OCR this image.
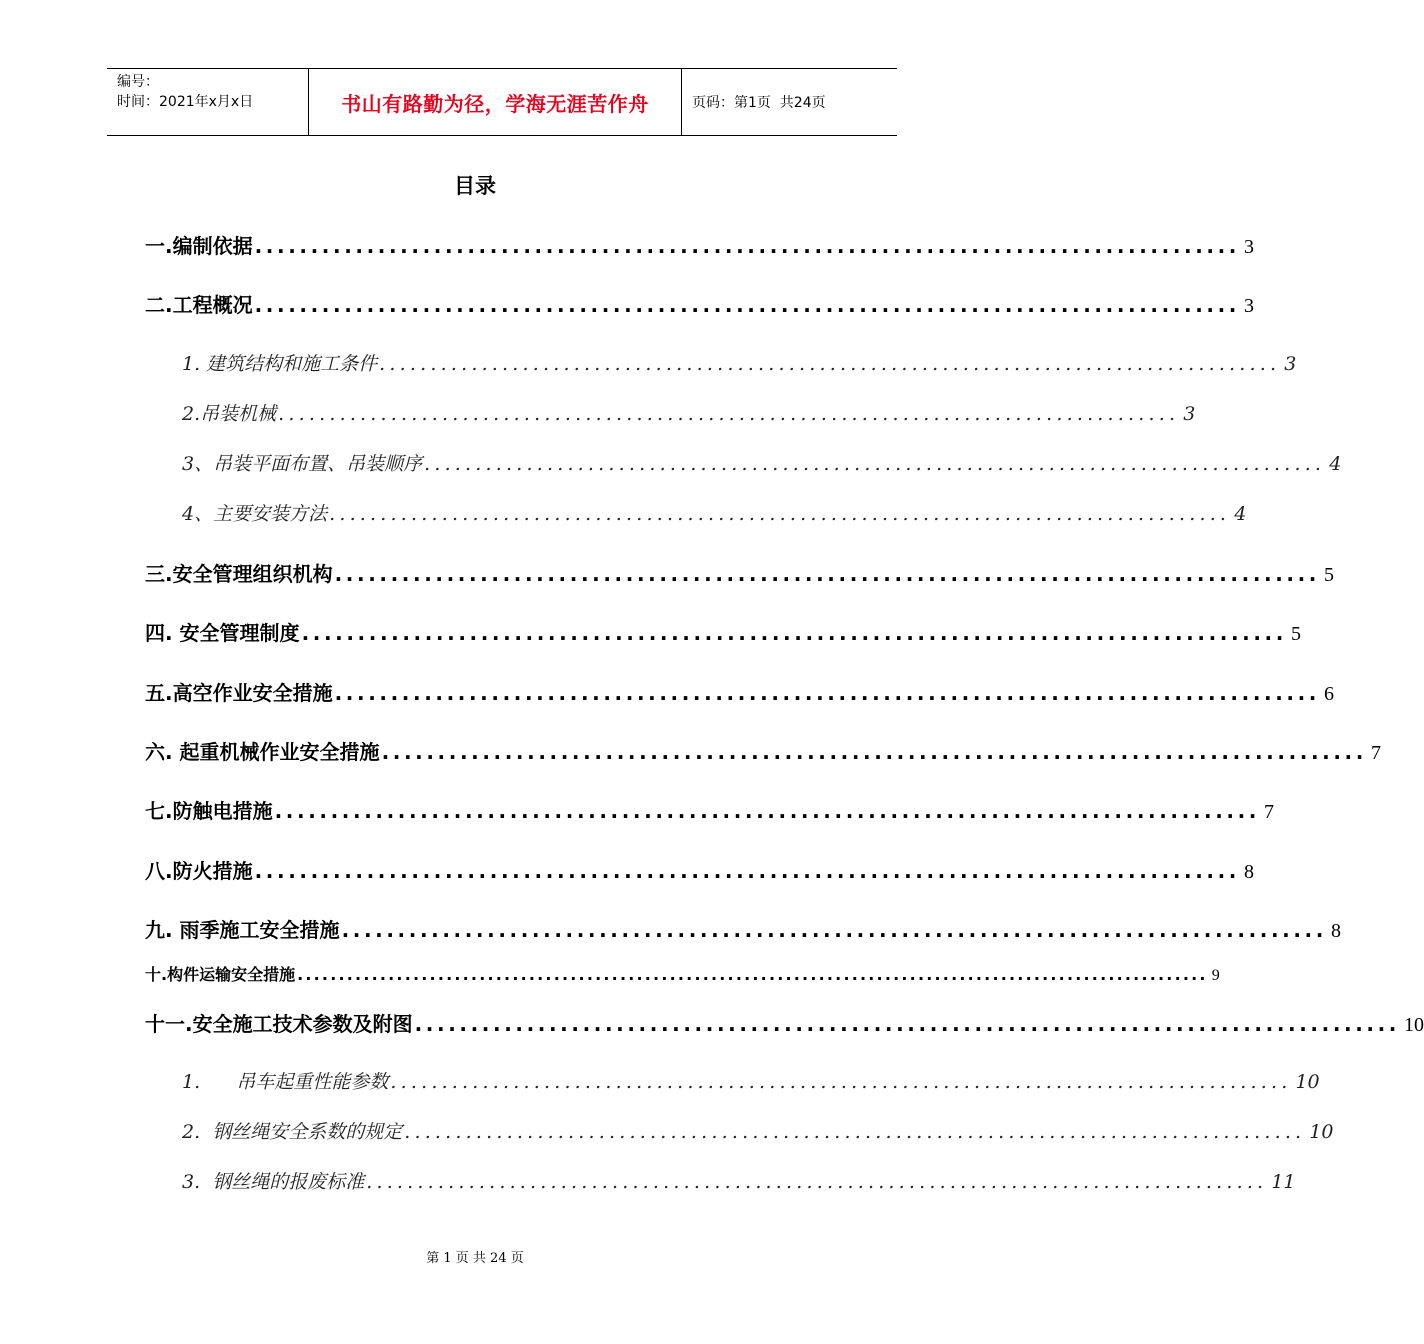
编号：
时间：2021年x月x日	书山有路勤为径，学海无涯苦作舟	页码：第1页  共24页
目录
一.编制依据 ........................................................................................ 3
二.工程概况 ........................................................................................ 3
1. 建筑结构和施工条件 ........................................................................................ 3
2.吊装机械 ........................................................................................ 3
3、吊装平面布置、吊装顺序 ........................................................................................ 4
4、主要安装方法 ........................................................................................ 4
三.安全管理组织机构 ........................................................................................ 5
四. 安全管理制度 ........................................................................................ 5
五.高空作业安全措施 ........................................................................................ 6
六. 起重机械作业安全措施 ........................................................................................ 7
七.防触电措施 ........................................................................................ 7
八.防火措施 ........................................................................................ 8
九. 雨季施工安全措施 ........................................................................................ 8
十.构件运输安全措施 .............................................................................................................. 9
十一.安全施工技术参数及附图 ........................................................................................ 10
1.      吊车起重性能参数 ........................................................................................ 10
2.  钢丝绳安全系数的规定 ........................................................................................ 10
3.  钢丝绳的报废标准 ........................................................................................ 11
第 1 页 共 24 页
